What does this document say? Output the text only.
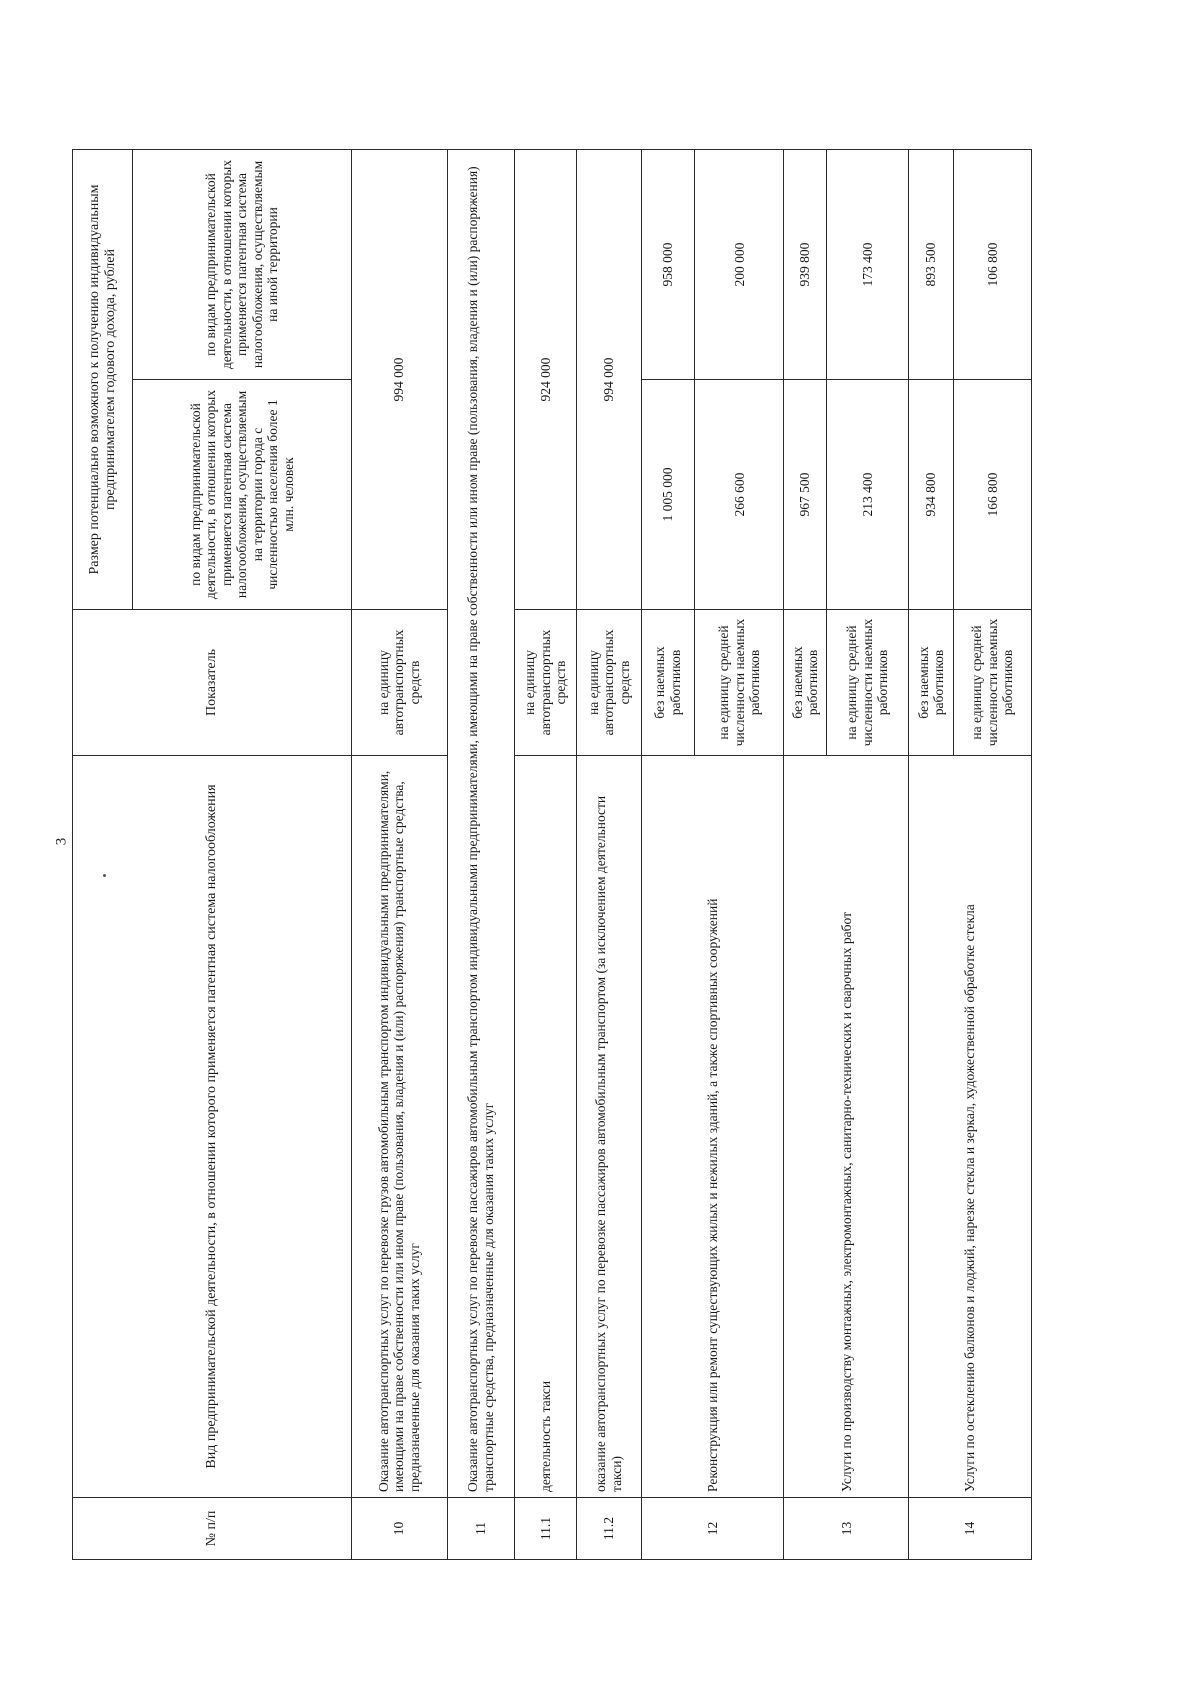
3
№ п/п	Вид предпринимательской деятельности, в отношении которого применяется патентная система налогообложения	Показатель	Размер потенциально возможного к получению индивидуальным предпринимателем годового дохода, рублей	
			по видам предпринимательской деятельности, в отношении которых применяется патентная система налогообложения, осуществляемым на территории города с численностью населения более 1 млн. человек	по видам предпринимательской деятельности, в отношении которых применяется патентная система налогообложения, осуществляемым на иной территории
10	Оказание автотранспортных услуг по перевозке грузов автомобильным транспортом индивидуальными предпринимателями, имеющими на праве собственности или ином праве (пользования, владения и (или) распоряжения) транспортные средства, предназначенные для оказания таких услуг	на единицу автотранспортных средств	994 000	
11	Оказание автотранспортных услуг по перевозке пассажиров автомобильным транспортом индивидуальными предпринимателями, имеющими на праве собственности или ином праве (пользования, владения и (или) распоряжения) транспортные средства, предназначенные для оказания таких услуг			
11.1	деятельность такси	на единицу автотранспортных средств	924 000	
11.2	оказание автотранспортных услуг по перевозке пассажиров автомобильным транспортом (за исключением деятельности такси)	на единицу автотранспортных средств	994 000	
12	Реконструкция или ремонт существующих жилых и нежилых зданий, а также спортивных сооружений	без наемных работников	1 005 000	958 000
		на единицу средней численности наемных работников	266 600	200 000
13	Услуги по производству монтажных, электромонтажных, санитарно-технических и сварочных работ	без наемных работников	967 500	939 800
		на единицу средней численности наемных работников	213 400	173 400
14	Услуги по остеклению балконов и лоджий, нарезке стекла и зеркал, художественной обработке стекла	без наемных работников	934 800	893 500
		на единицу средней численности наемных работников	166 800	106 800
